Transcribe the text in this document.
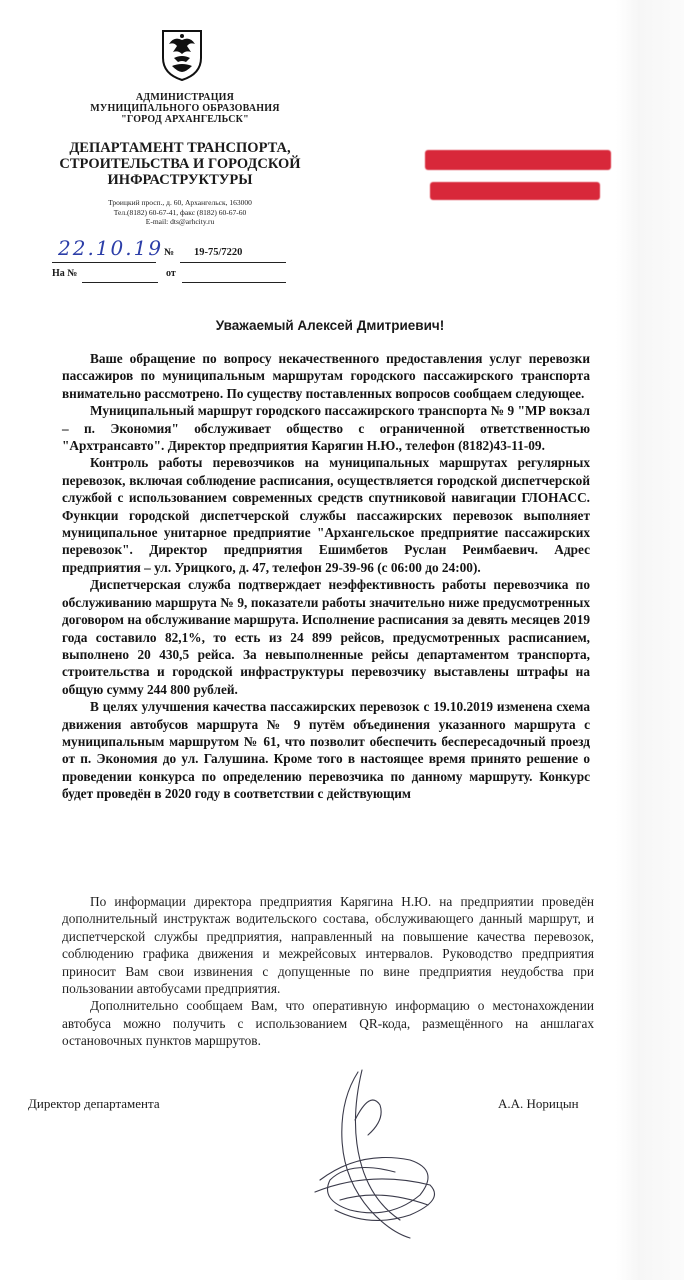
АДМИНИСТРАЦИЯ
МУНИЦИПАЛЬНОГО ОБРАЗОВАНИЯ
"ГОРОД АРХАНГЕЛЬСК"
ДЕПАРТАМЕНТ ТРАНСПОРТА,
СТРОИТЕЛЬСТВА И ГОРОДСКОЙ
ИНФРАСТРУКТУРЫ
Троицкий просп., д. 60, Архангельск, 163000
Тел.(8182) 60-67-41, факс (8182) 60-67-60
E-mail: dts@arhcity.ru
22.10.19 № 19-75/7220
На №	от
Уважаемый Алексей Дмитриевич!

Ваше обращение по вопросу некачественного предоставления услуг перевозки пассажиров по муниципальным маршрутам городского пассажирского транспорта внимательно рассмотрено. По существу поставленных вопросов сообщаем следующее.

Муниципальный маршрут городского пассажирского транспорта № 9 "МР вокзал – п. Экономия" обслуживает общество с ограниченной ответственностью "Архтрансавто". Директор предприятия Карягин Н.Ю., телефон (8182)43-11-09.

Контроль работы перевозчиков на муниципальных маршрутах регулярных перевозок, включая соблюдение расписания, осуществляется городской диспетчерской службой с использованием современных средств спутниковой навигации ГЛОНАСС. Функции городской диспетчерской службы пассажирских перевозок выполняет муниципальное унитарное предприятие "Архангельское предприятие пассажирских перевозок". Директор предприятия Ешимбетов Руслан Реимбаевич. Адрес предприятия – ул. Урицкого, д. 47, телефон 29-39-96 (с 06:00 до 24:00).

Диспетчерская служба подтверждает неэффективность работы перевозчика по обслуживанию маршрута № 9, показатели работы значительно ниже предусмотренных договором на обслуживание маршрута. Исполнение расписания за девять месяцев 2019 года составило 82,1%, то есть из 24 899 рейсов, предусмотренных расписанием, выполнено 20 430,5 рейса. За невыполненные рейсы департаментом транспорта, строительства и городской инфраструктуры перевозчику выставлены штрафы на общую сумму 244 800 рублей.

В целях улучшения качества пассажирских перевозок с 19.10.2019 изменена схема движения автобусов маршрута № 9 путём объединения указанного маршрута с муниципальным маршрутом № 61, что позволит обеспечить беспересадочный проезд от п. Экономия до ул. Галушина. Кроме того в настоящее время принято решение о проведении конкурса по определению перевозчика по данному маршруту. Конкурс будет проведён в 2020 году в соответствии с действующим

По информации директора предприятия Карягина Н.Ю. на предприятии проведён дополнительный инструктаж водительского состава, обслуживающего данный маршрут, и диспетчерской службы предприятия, направленный на повышение качества перевозок, соблюдению графика движения и межрейсовых интервалов. Руководство предприятия приносит Вам свои извинения с допущенные по вине предприятия неудобства при пользовании автобусами предприятия.

Дополнительно сообщаем Вам, что оперативную информацию о местонахождении автобуса можно получить с использованием QR-кода, размещённого на аншлагах остановочных пунктов маршрутов.

Директор департамента	А.А. Норицын
